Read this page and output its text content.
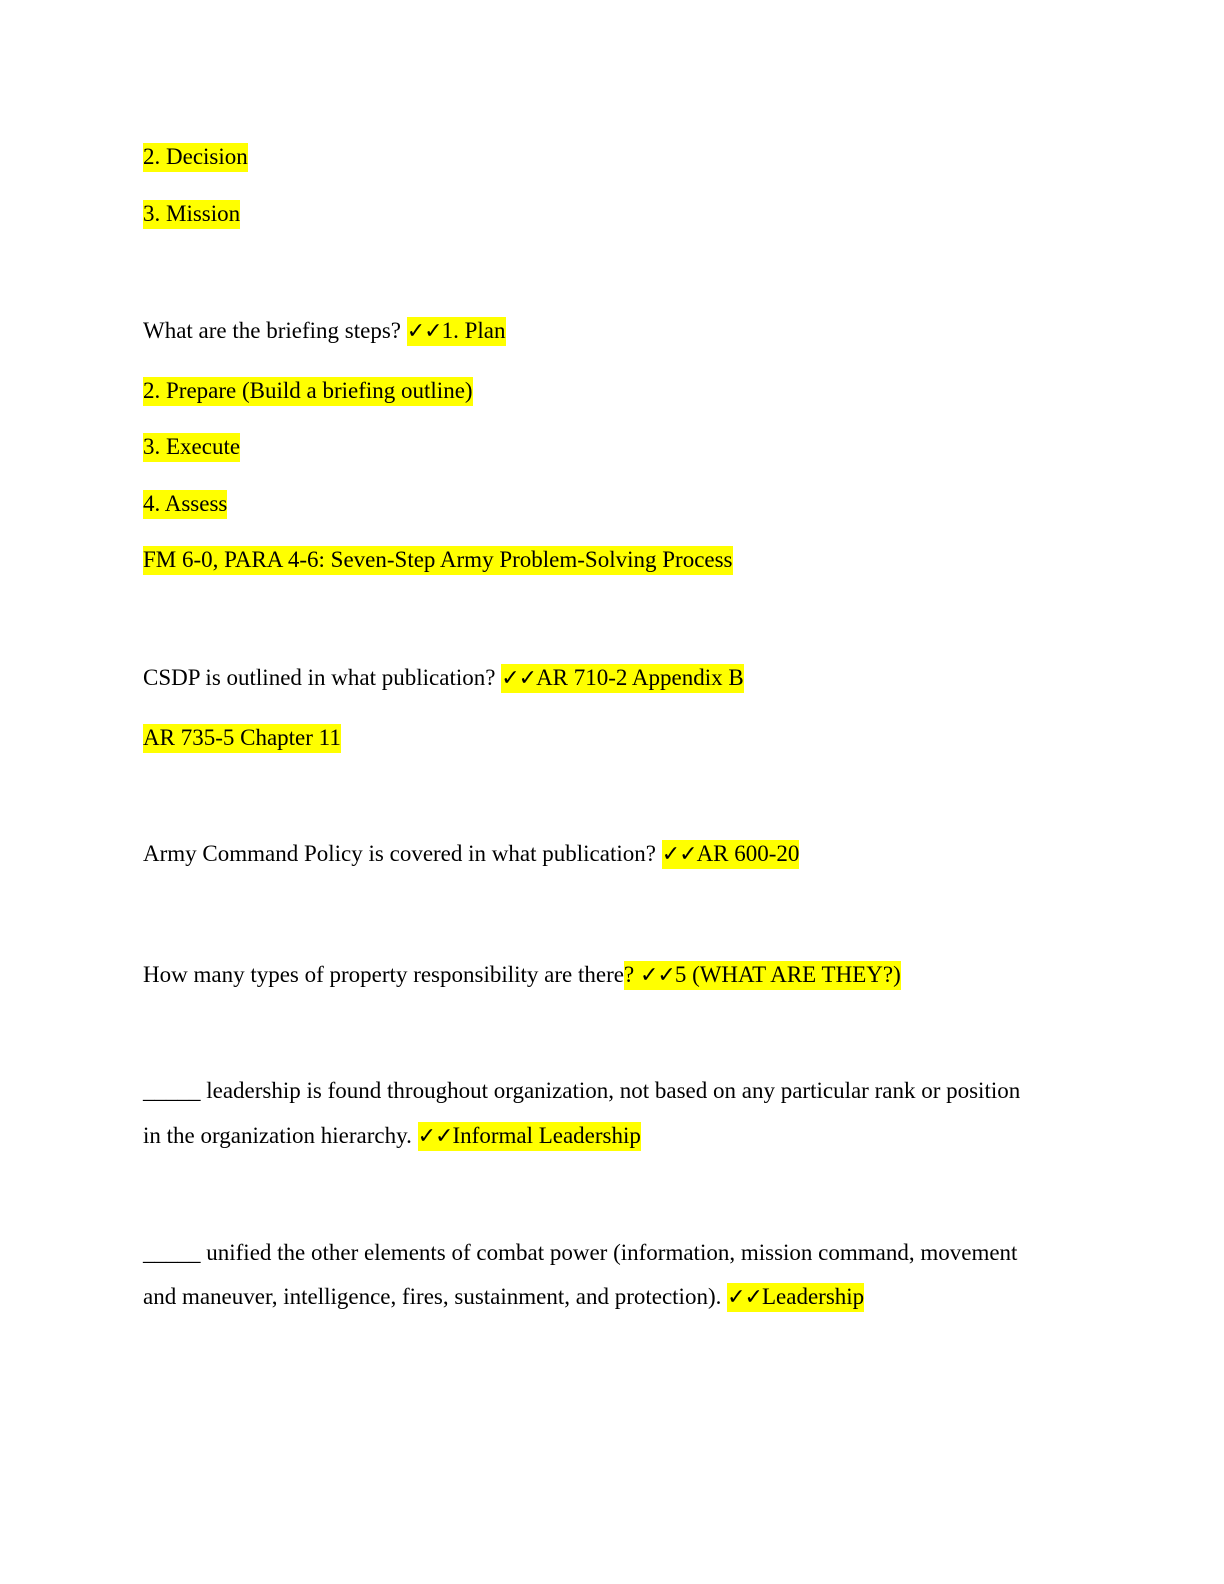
2. Decision
3. Mission
What are the briefing steps? ✓✓1. Plan
2. Prepare (Build a briefing outline)
3. Execute
4. Assess
FM 6-0, PARA 4-6: Seven-Step Army Problem-Solving Process
CSDP is outlined in what publication? ✓✓AR 710-2 Appendix B
AR 735-5 Chapter 11
Army Command Policy is covered in what publication? ✓✓AR 600-20
How many types of property responsibility are there? ✓✓5 (WHAT ARE THEY?)
_____ leadership is found throughout organization, not based on any particular rank or position
in the organization hierarchy. ✓✓Informal Leadership
_____ unified the other elements of combat power (information, mission command, movement
and maneuver, intelligence, fires, sustainment, and protection). ✓✓Leadership
